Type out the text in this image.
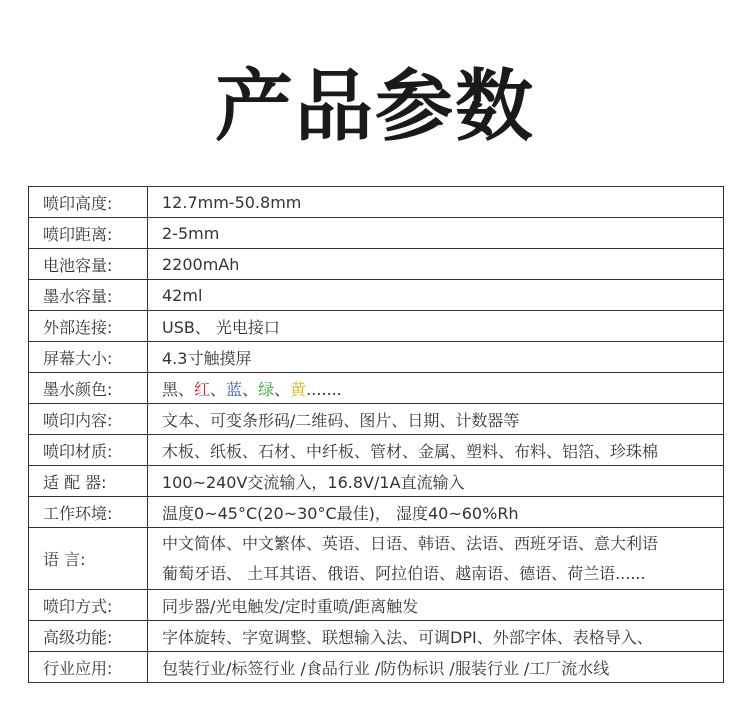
产品参数
喷印高度:	12.7mm-50.8mm
喷印距离:	2-5mm
电池容量:	2200mAh
墨水容量:	42ml
外部连接:	USB、 光电接口
屏幕大小:	4.3寸触摸屏
墨水颜色:	黑、红、蓝、绿、黄.......
喷印内容:	文本、可变条形码/二维码、图片、日期、计数器等
喷印材质:	木板、纸板、石材、中纤板、管材、金属、塑料、布料、铝箔、珍珠棉
适 配 器:	100~240V交流输入，16.8V/1A直流输入
工作环境:	温度0~45°C(20~30°C最佳)， 湿度40~60%Rh
语 言:	中文简体、中文繁体、英语、日语、韩语、法语、西班牙语、意大利语
葡萄牙语、 土耳其语、俄语、阿拉伯语、越南语、德语、荷兰语......

喷印方式:	同步器/光电触发/定时重喷/距离触发
高级功能:	字体旋转、字宽调整、联想输入法、可调DPI、外部字体、表格导入、
行业应用:	包装行业/标签行业 /食品行业 /防伪标识 /服装行业 /工厂流水线
